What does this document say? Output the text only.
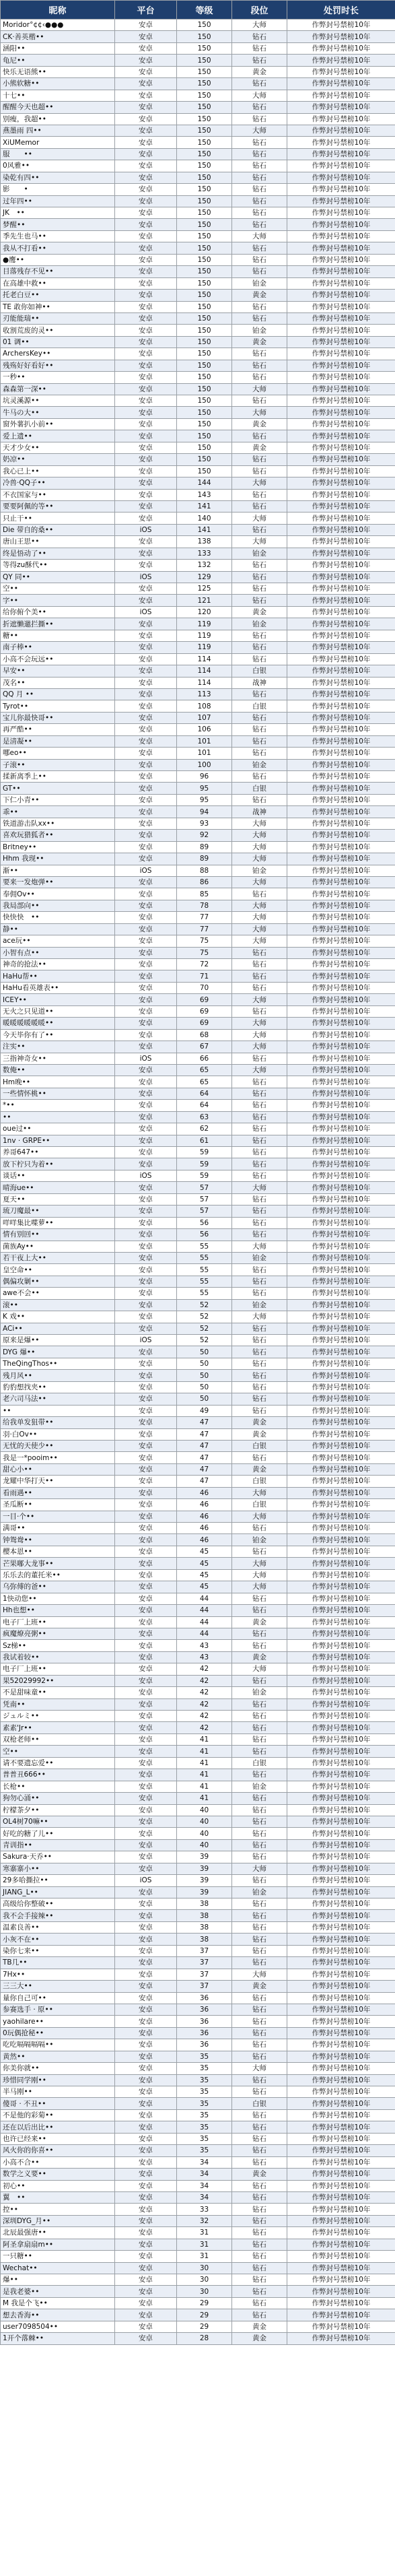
昵称	平台	等级	段位	处罚时长
Moridor°¢¢‹●●●	安卓	150	大师	作弊封号禁榜10年
CK·善英楷••	安卓	150	钻石	作弊封号禁榜10年
涵阳••	安卓	150	钻石	作弊封号禁榜10年
龟尼••	安卓	150	钻石	作弊封号禁榜10年
快乐无语熊••	安卓	150	黄金	作弊封号禁榜10年
小熊软糖••	安卓	150	钻石	作弊封号禁榜10年
十七••	安卓	150	大师	作弊封号禁榜10年
醒醒今天也超••	安卓	150	钻石	作弊封号禁榜10年
别瘦，我超••	安卓	150	钻石	作弊封号禁榜10年
燕墨雨 四••	安卓	150	大师	作弊封号禁榜10年
XiUMemor	安卓	150	钻石	作弊封号禁榜10年
服　　••	安卓	150	钻石	作弊封号禁榜10年
0风雅••	安卓	150	钻石	作弊封号禁榜10年
染乾有四••	安卓	150	钻石	作弊封号禁榜10年
影　　•	安卓	150	钻石	作弊封号禁榜10年
过年四••	安卓	150	钻石	作弊封号禁榜10年
JK　••	安卓	150	钻石	作弊封号禁榜10年
梦醒••	安卓	150	钻石	作弊封号禁榜10年
季先生也马••	安卓	150	大师	作弊封号禁榜10年
我从不打看••	安卓	150	钻石	作弊封号禁榜10年
●鹰••	安卓	150	钻石	作弊封号禁榜10年
目落残存不见••	安卓	150	钻石	作弊封号禁榜10年
在高雄中救••	安卓	150	铂金	作弊封号禁榜10年
托老白豆••	安卓	150	黄金	作弊封号禁榜10年
TE 敢你如神••	安卓	150	钻石	作弊封号禁榜10年
刃能能瑞••	安卓	150	钻石	作弊封号禁榜10年
收割荒废的灵••	安卓	150	铂金	作弊封号禁榜10年
01 调••	安卓	150	黄金	作弊封号禁榜10年
ArchersKey••	安卓	150	钻石	作弊封号禁榜10年
残殇好好看好••	安卓	150	钻石	作弊封号禁榜10年
一秒••	安卓	150	钻石	作弊封号禁榜10年
森森第一深••	安卓	150	大师	作弊封号禁榜10年
坑灵溪源••	安卓	150	钻石	作弊封号禁榜10年
牛马の大••	安卓	150	大师	作弊封号禁榜10年
窗外薯扒小前••	安卓	150	黄金	作弊封号禁榜10年
爱上遗••	安卓	150	钻石	作弊封号禁榜10年
天才少女••	安卓	150	黄金	作弊封号禁榜10年
奶凉••	安卓	150	钻石	作弊封号禁榜10年
我心已上••	安卓	150	钻石	作弊封号禁榜10年
冷兽·QQ子••	安卓	144	大师	作弊封号禁榜10年
不衣国家与••	安卓	143	钻石	作弊封号禁榜10年
要要阿佩的等••	安卓	141	钻石	作弊封号禁榜10年
只止干••	安卓	140	大师	作弊封号禁榜10年
Die 带自的桑••	iOS	141	钻石	作弊封号禁榜10年
唐山王思••	安卓	138	大师	作弊封号禁榜10年
终是悟动了••	安卓	133	铂金	作弊封号禁榜10年
等得zu酥代••	安卓	132	钻石	作弊封号禁榜10年
QY 同••	iOS	129	钻石	作弊封号禁榜10年
空••	安卓	125	钻石	作弊封号禁榜10年
字••	安卓	121	钻石	作弊封号禁榜10年
给你俯个美••	iOS	120	黄金	作弊封号禁榜10年
折遮懒邋拦撕••	安卓	119	铂金	作弊封号禁榜10年
糖••	安卓	119	钻石	作弊封号禁榜10年
南子棒••	安卓	119	钻石	作弊封号禁榜10年
小高不会玩远••	安卓	114	钻石	作弊封号禁榜10年
早安••	安卓	114	白银	作弊封号禁榜10年
茂名••	安卓	114	战神	作弊封号禁榜10年
QQ 月 ••	安卓	113	钻石	作弊封号禁榜10年
Tyrot••	安卓	108	白银	作弊封号禁榜10年
宝儿你最快哥••	安卓	107	钻石	作弊封号禁榜10年
再严酷••	安卓	106	钻石	作弊封号禁榜10年
是清凝••	安卓	101	钻石	作弊封号禁榜10年
哪eo••	安卓	101	钻石	作弊封号禁榜10年
子滚••	安卓	100	铂金	作弊封号禁榜10年
揉新离季上••	安卓	96	钻石	作弊封号禁榜10年
GT••	安卓	95	白银	作弊封号禁榜10年
下仁小青••	安卓	95	钻石	作弊封号禁榜10年
乖••	安卓	94	战神	作弊封号禁榜10年
铁道游击队xx••	安卓	93	大师	作弊封号禁榜10年
喜欢玩猎狐者••	安卓	92	大师	作弊封号禁榜10年
Britney••	安卓	89	大师	作弊封号禁榜10年
Hhm 我现••	安卓	89	大师	作弊封号禁榜10年
渐••	iOS	88	铂金	作弊封号禁榜10年
要来一发炮弹••	安卓	86	大师	作弊封号禁榜10年
奉佣Ov••	安卓	85	钻石	作弊封号禁榜10年
我局部向••	安卓	78	大师	作弊封号禁榜10年
快快快　••	安卓	77	大师	作弊封号禁榜10年
静••	安卓	77	大师	作弊封号禁榜10年
ace玩••	安卓	75	大师	作弊封号禁榜10年
小智有点••	安卓	75	钻石	作弊封号禁榜10年
神奇的抢法••	安卓	72	钻石	作弊封号禁榜10年
HaHu帮••	安卓	71	钻石	作弊封号禁榜10年
HaHu看英雄表••	安卓	70	钻石	作弊封号禁榜10年
ICEY••	安卓	69	大师	作弊封号禁榜10年
无火之只见道••	安卓	69	钻石	作弊封号禁榜10年
暖暖暖暖暖暖••	安卓	69	大师	作弊封号禁榜10年
今天毕你有了••	安卓	68	大师	作弊封号禁榜10年
注实••	安卓	67	大师	作弊封号禁榜10年
三指神奇女••	iOS	66	钻石	作弊封号禁榜10年
数俺••	安卓	65	大师	作弊封号禁榜10年
Hm晚••	安卓	65	钻石	作弊封号禁榜10年
一些情怀桃••	安卓	64	钻石	作弊封号禁榜10年
*••	安卓	64	钻石	作弊封号禁榜10年
••	安卓	63	钻石	作弊封号禁榜10年
oue过••	安卓	62	钻石	作弊封号禁榜10年
1nv · GRPE••	安卓	61	钻石	作弊封号禁榜10年
养哥647••	安卓	59	钻石	作弊封号禁榜10年
放下柠只为着••	安卓	59	钻石	作弊封号禁榜10年
谈话••	iOS	59	钻石	作弊封号禁榜10年
晴海ue••	安卓	57	大师	作弊封号禁榜10年
夏天••	安卓	57	钻石	作弊封号禁榜10年
琉刀魔最••	安卓	57	钻石	作弊封号禁榜10年
咩咩集比喋萝••	安卓	56	钻石	作弊封号禁榜10年
情有别回••	安卓	56	钻石	作弊封号禁榜10年
菌族Ay••	安卓	55	大师	作弊封号禁榜10年
若干夜上大••	安卓	55	铂金	作弊封号禁榜10年
皇空命••	安卓	55	钻石	作弊封号禁榜10年
偶偏攻剿••	安卓	55	钻石	作弊封号禁榜10年
awe不会••	安卓	55	钻石	作弊封号禁榜10年
滚••	安卓	52	铂金	作弊封号禁榜10年
K 戏••	安卓	52	大师	作弊封号禁榜10年
ACi••	安卓	52	钻石	作弊封号禁榜10年
原来是爆••	iOS	52	钻石	作弊封号禁榜10年
DYG 爆••	安卓	50	钻石	作弊封号禁榜10年
TheQingThos••	安卓	50	钻石	作弊封号禁榜10年
残月风••	安卓	50	钻石	作弊封号禁榜10年
豹豹想找夹••	安卓	50	钻石	作弊封号禁榜10年
老六司马法••	安卓	50	钻石	作弊封号禁榜10年
••	安卓	49	钻石	作弊封号禁榜10年
给我单发狙带••	安卓	47	黄金	作弊封号禁榜10年
羽·白Ov••	安卓	47	黄金	作弊封号禁榜10年
无忧的天使少••	安卓	47	白银	作弊封号禁榜10年
我是一*pooim••	安卓	47	钻石	作弊封号禁榜10年
甜心小••	安卓	47	黄金	作弊封号禁榜10年
龙耀中华打天••	安卓	47	白银	作弊封号禁榜10年
看雨遇••	安卓	46	大师	作弊封号禁榜10年
圣瓜断••	安卓	46	白银	作弊封号禁榜10年
一目·个••	安卓	46	大师	作弊封号禁榜10年
满哥••	安卓	46	钻石	作弊封号禁榜10年
钟鸳鸯••	安卓	46	铂金	作弊封号禁榜10年
樱本恩••	安卓	45	钻石	作弊封号禁榜10年
芒果嘟大龙事••	安卓	45	大师	作弊封号禁榜10年
乐乐去的董托米••	安卓	45	大师	作弊封号禁榜10年
乌弥傅的爸••	安卓	45	大师	作弊封号禁榜10年
1快动您••	安卓	44	钻石	作弊封号禁榜10年
Hh也想••	安卓	44	钻石	作弊封号禁榜10年
电子厂上班••	安卓	44	黄金	作弊封号禁榜10年
疯魔燎亮粥••	安卓	44	钻石	作弊封号禁榜10年
Sz梯••	安卓	43	钻石	作弊封号禁榜10年
我试着较••	安卓	43	黄金	作弊封号禁榜10年
电子厂上班••	安卓	42	大师	作弊封号禁榜10年
果52029992••	安卓	42	钻石	作弊封号禁榜10年
不是甜味童••	安卓	42	铂金	作弊封号禁榜10年
凭南••	安卓	42	钻石	作弊封号禁榜10年
ジュルミ••	安卓	42	钻石	作弊封号禁榜10年
素素'Jr••	安卓	42	钻石	作弊封号禁榜10年
双枪老师••	安卓	41	钻石	作弊封号禁榜10年
空••	安卓	41	钻石	作弊封号禁榜10年
请不要遗忘爱••	安卓	41	白银	作弊封号禁榜10年
普普丑666••	安卓	41	钻石	作弊封号禁榜10年
长枪••	安卓	41	铂金	作弊封号禁榜10年
狗勿心涌••	安卓	41	钻石	作弊封号禁榜10年
柠檬茶夕••	安卓	40	钻石	作弊封号禁榜10年
OL4树70嘛••	安卓	40	钻石	作弊封号禁榜10年
好吃的糖了儿••	安卓	40	钻石	作弊封号禁榜10年
青训指••	安卓	40	钻石	作弊封号禁榜10年
Sakura·天乔••	安卓	39	钻石	作弊封号禁榜10年
寒寨寨小••	安卓	39	大师	作弊封号禁榜10年
29多哈撕拉••	iOS	39	钻石	作弊封号禁榜10年
JIANG_L••	安卓	39	铂金	作弊封号禁榜10年
高级给你整破••	安卓	38	钻石	作弊封号禁榜10年
我不会手接辣••	安卓	38	钻石	作弊封号禁榜10年
温素良善••	安卓	38	钻石	作弊封号禁榜10年
小灰不在••	安卓	38	钻石	作弊封号禁榜10年
染你七来••	安卓	37	钻石	作弊封号禁榜10年
TB几••	安卓	37	钻石	作弊封号禁榜10年
7Hx••	安卓	37	大师	作弊封号禁榜10年
三三大••	安卓	37	黄金	作弊封号禁榜10年
量你自己可••	安卓	36	钻石	作弊封号禁榜10年
参赛选手 · 原••	安卓	36	钻石	作弊封号禁榜10年
yaohilare••	安卓	36	钻石	作弊封号禁榜10年
0玩偶抢秘••	安卓	36	钻石	作弊封号禁榜10年
吃吃嗝嗝嗝嗝••	安卓	36	钻石	作弊封号禁榜10年
黄然••	安卓	35	钻石	作弊封号禁榜10年
你美你就••	安卓	35	大师	作弊封号禁榜10年
珍惜同学刚••	安卓	35	钻石	作弊封号禁榜10年
半马刚••	安卓	35	钻石	作弊封号禁榜10年
傻哥 · 不丑••	安卓	35	白银	作弊封号禁榜10年
不是他的彩菊••	安卓	35	钻石	作弊封号禁榜10年
还在以后出比••	安卓	35	钻石	作弊封号禁榜10年
也许已经来••	安卓	35	钻石	作弊封号禁榜10年
风火你的你喜••	安卓	35	钻石	作弊封号禁榜10年
小高不合••	安卓	34	钻石	作弊封号禁榜10年
数学之义要••	安卓	34	黄金	作弊封号禁榜10年
初心••	安卓	34	钻石	作弊封号禁榜10年
翼　••	安卓	34	钻石	作弊封号禁榜10年
控••	安卓	33	钻石	作弊封号禁榜10年
深圳DYG_月••	安卓	32	钻石	作弊封号禁榜10年
北辰最强唐••	安卓	31	钻石	作弊封号禁榜10年
阿圣拿扇扇m••	安卓	31	钻石	作弊封号禁榜10年
一只糖••	安卓	31	钻石	作弊封号禁榜10年
Wechat••	安卓	30	钻石	作弊封号禁榜10年
爆••	安卓	30	钻石	作弊封号禁榜10年
是我老婆••	安卓	30	钻石	作弊封号禁榜10年
M 我是个飞••	安卓	29	钻石	作弊封号禁榜10年
想去香海••	安卓	29	钻石	作弊封号禁榜10年
user7098504••	安卓	29	黄金	作弊封号禁榜10年
1开个落棘••	安卓	28	黄金	作弊封号禁榜10年
